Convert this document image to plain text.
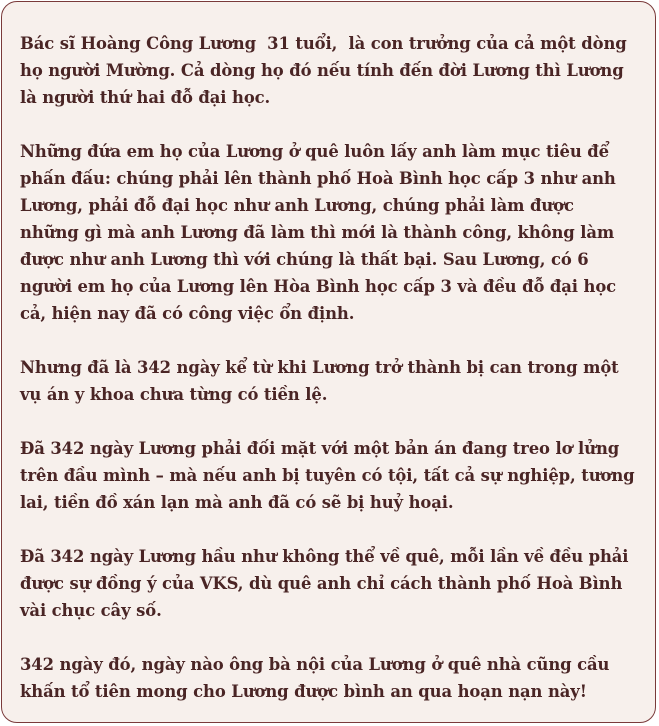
Bác sĩ Hoàng Công Lương  31 tuổi,  là con trưởng của cả một dòng họ người Mường. Cả dòng họ đó nếu tính đến đời Lương thì Lương là người thứ hai đỗ đại học.

Những đứa em họ của Lương ở quê luôn lấy anh làm mục tiêu để phấn đấu: chúng phải lên thành phố Hoà Bình học cấp 3 như anh Lương, phải đỗ đại học như anh Lương, chúng phải làm được những gì mà anh Lương đã làm thì mới là thành công, không làm được như anh Lương thì với chúng là thất bại. Sau Lương, có 6 người em họ của Lương lên Hòa Bình học cấp 3 và đều đỗ đại học cả, hiện nay đã có công việc ổn định.

Nhưng đã là 342 ngày kể từ khi Lương trở thành bị can trong một vụ án y khoa chưa từng có tiền lệ.

Đã 342 ngày Lương phải đối mặt với một bản án đang treo lơ lửng trên đầu mình – mà nếu anh bị tuyên có tội, tất cả sự nghiệp, tương lai, tiền đồ xán lạn mà anh đã có sẽ bị huỷ hoại.

Đã 342 ngày Lương hầu như không thể về quê, mỗi lần về đều phải được sự đồng ý của VKS, dù quê anh chỉ cách thành phố Hoà Bình vài chục cây số.

342 ngày đó, ngày nào ông bà nội của Lương ở quê nhà cũng cầu khấn tổ tiên mong cho Lương được bình an qua hoạn nạn này!
